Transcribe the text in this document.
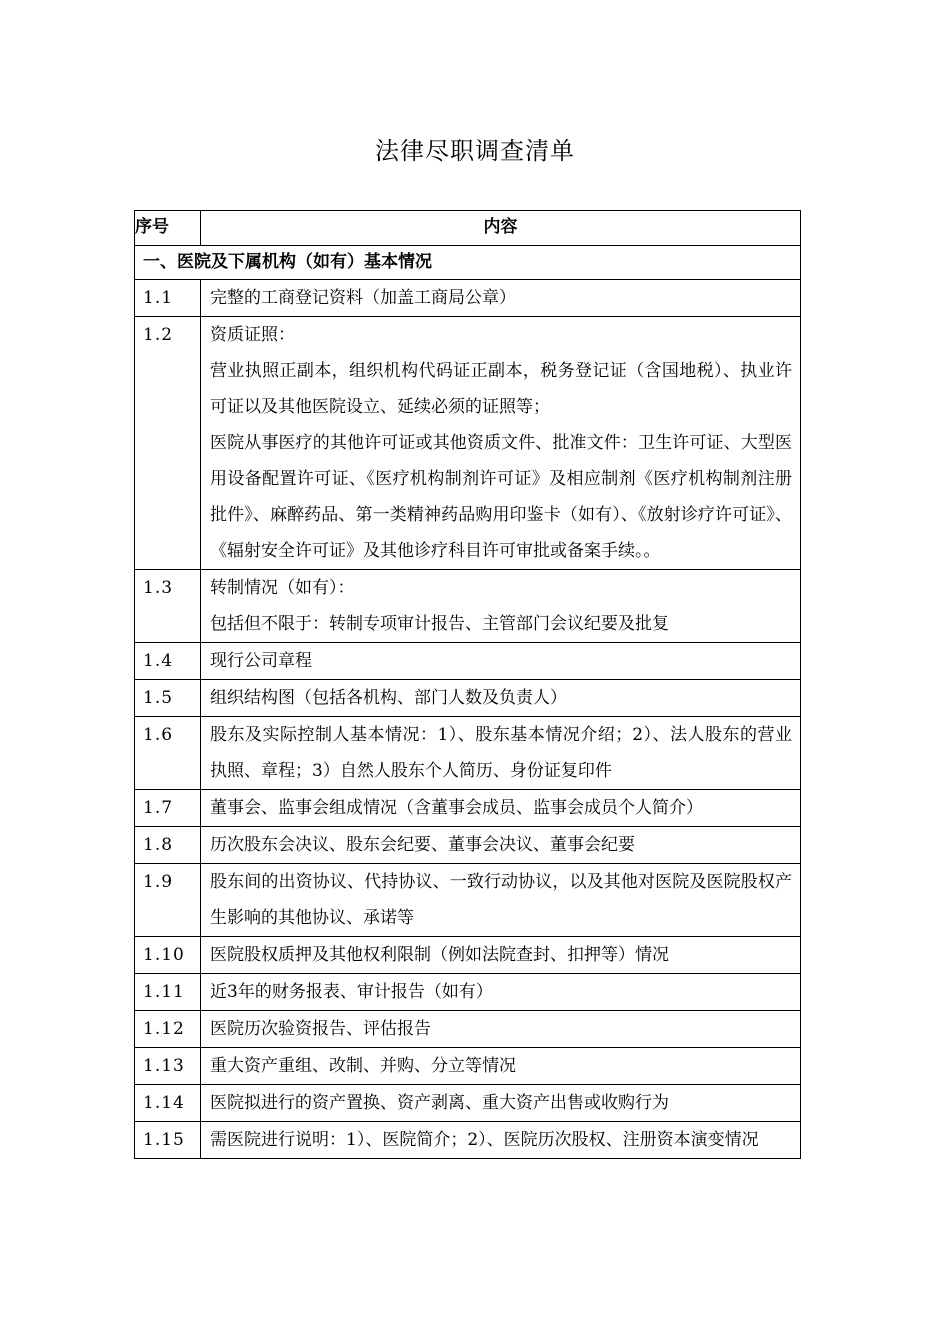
法律尽职调查清单
序号	内容
一、医院及下属机构（如有）基本情况	
1.1	完整的工商登记资料（加盖工商局公章）

1.2	资质证照：
营业执照正副本，组织机构代码证正副本，税务登记证（含国地税）、执业许可证以及其他医院设立、延续必须的证照等；
医院从事医疗的其他许可证或其他资质文件、批准文件：卫生许可证、大型医用设备配置许可证、《医疗机构制剂许可证》及相应制剂《医疗机构制剂注册批件》、麻醉药品、第一类精神药品购用印鉴卡（如有）、《放射诊疗许可证》、《辐射安全许可证》及其他诊疗科目许可审批或备案手续。。

1.3	转制情况（如有）：
包括但不限于：转制专项审计报告、主管部门会议纪要及批复

1.4	现行公司章程

1.5	组织结构图（包括各机构、部门人数及负责人）

1.6	股东及实际控制人基本情况：1）、股东基本情况介绍；2）、法人股东的营业执照、章程；3）自然人股东个人简历、身份证复印件

1.7	董事会、监事会组成情况（含董事会成员、监事会成员个人简介）

1.8	历次股东会决议、股东会纪要、董事会决议、董事会纪要

1.9	股东间的出资协议、代持协议、一致行动协议，以及其他对医院及医院股权产生影响的其他协议、承诺等

1.10	医院股权质押及其他权利限制（例如法院查封、扣押等）情况

1.11	近3年的财务报表、审计报告（如有）

1.12	医院历次验资报告、评估报告

1.13	重大资产重组、改制、并购、分立等情况

1.14	医院拟进行的资产置换、资产剥离、重大资产出售或收购行为

1.15	需医院进行说明：1）、医院简介；2）、医院历次股权、注册资本演变情况
